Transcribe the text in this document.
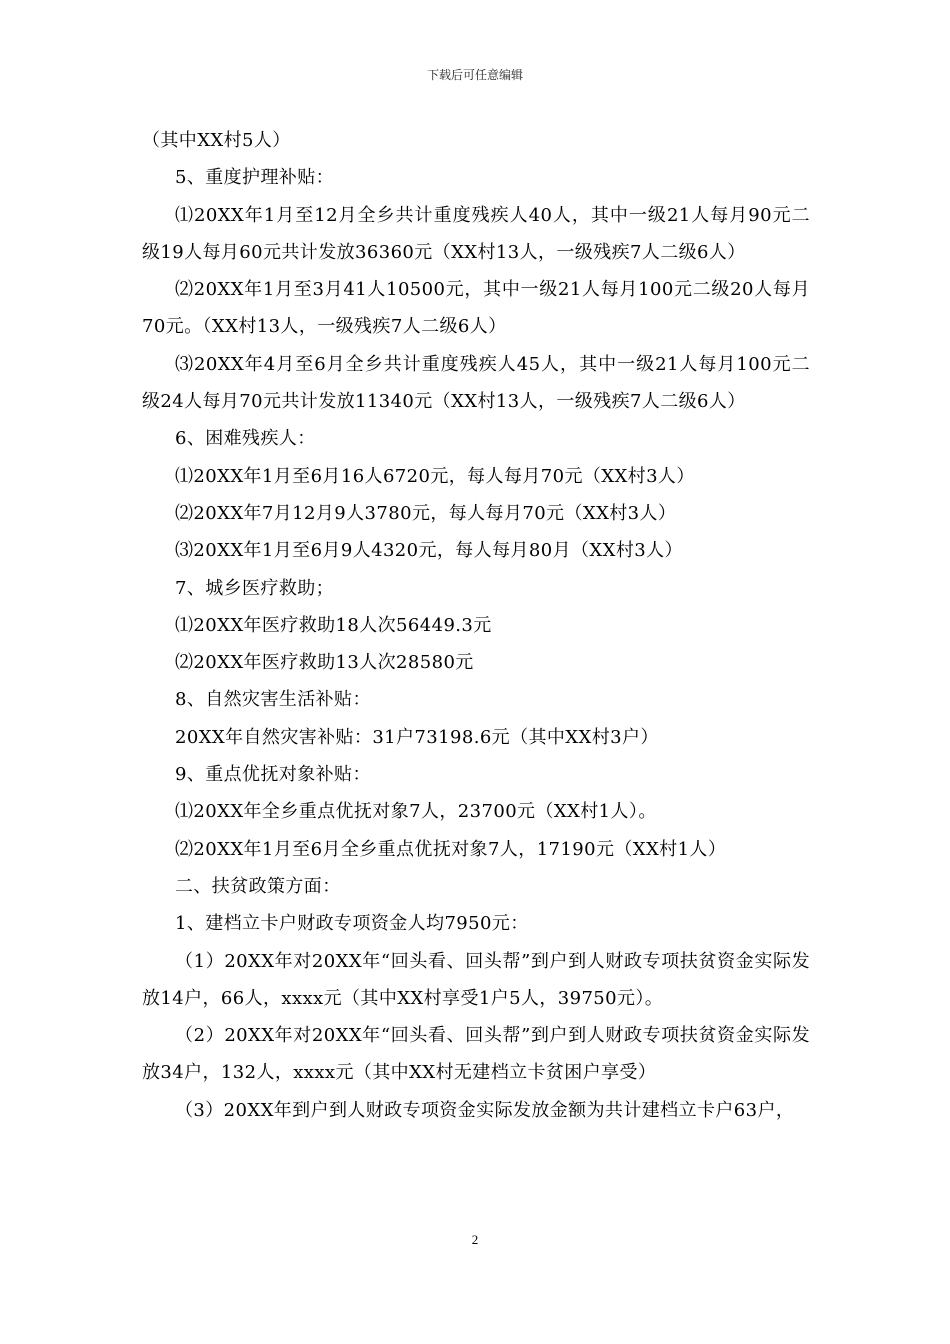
下载后可任意编辑

（其中XX村5人）

5、重度护理补贴：

⑴20XX年1月至12月全乡共计重度残疾人40人，其中一级21人每月90元二级19人每月60元共计发放36360元（XX村13人，一级残疾7人二级6人）

⑵20XX年1月至3月41人10500元，其中一级21人每月100元二级20人每月70元。（XX村13人，一级残疾7人二级6人）

⑶20XX年4月至6月全乡共计重度残疾人45人，其中一级21人每月100元二级24人每月70元共计发放11340元（XX村13人，一级残疾7人二级6人）

6、困难残疾人：

⑴20XX年1月至6月16人6720元，每人每月70元（XX村3人）

⑵20XX年7月12月9人3780元，每人每月70元（XX村3人）

⑶20XX年1月至6月9人4320元，每人每月80月（XX村3人）

7、城乡医疗救助；

⑴20XX年医疗救助18人次56449.3元

⑵20XX年医疗救助13人次28580元

8、自然灾害生活补贴：

20XX年自然灾害补贴：31户73198.6元（其中XX村3户）

9、重点优抚对象补贴：

⑴20XX年全乡重点优抚对象7人，23700元（XX村1人）。

⑵20XX年1月至6月全乡重点优抚对象7人，17190元（XX村1人）

二、扶贫政策方面：

1、建档立卡户财政专项资金人均7950元：

（1）20XX年对20XX年“回头看、回头帮”到户到人财政专项扶贫资金实际发放14户，66人，xxxx元（其中XX村享受1户5人，39750元）。

（2）20XX年对20XX年“回头看、回头帮”到户到人财政专项扶贫资金实际发放34户，132人，xxxx元（其中XX村无建档立卡贫困户享受）

（3）20XX年到户到人财政专项资金实际发放金额为共计建档立卡户63户，

2
